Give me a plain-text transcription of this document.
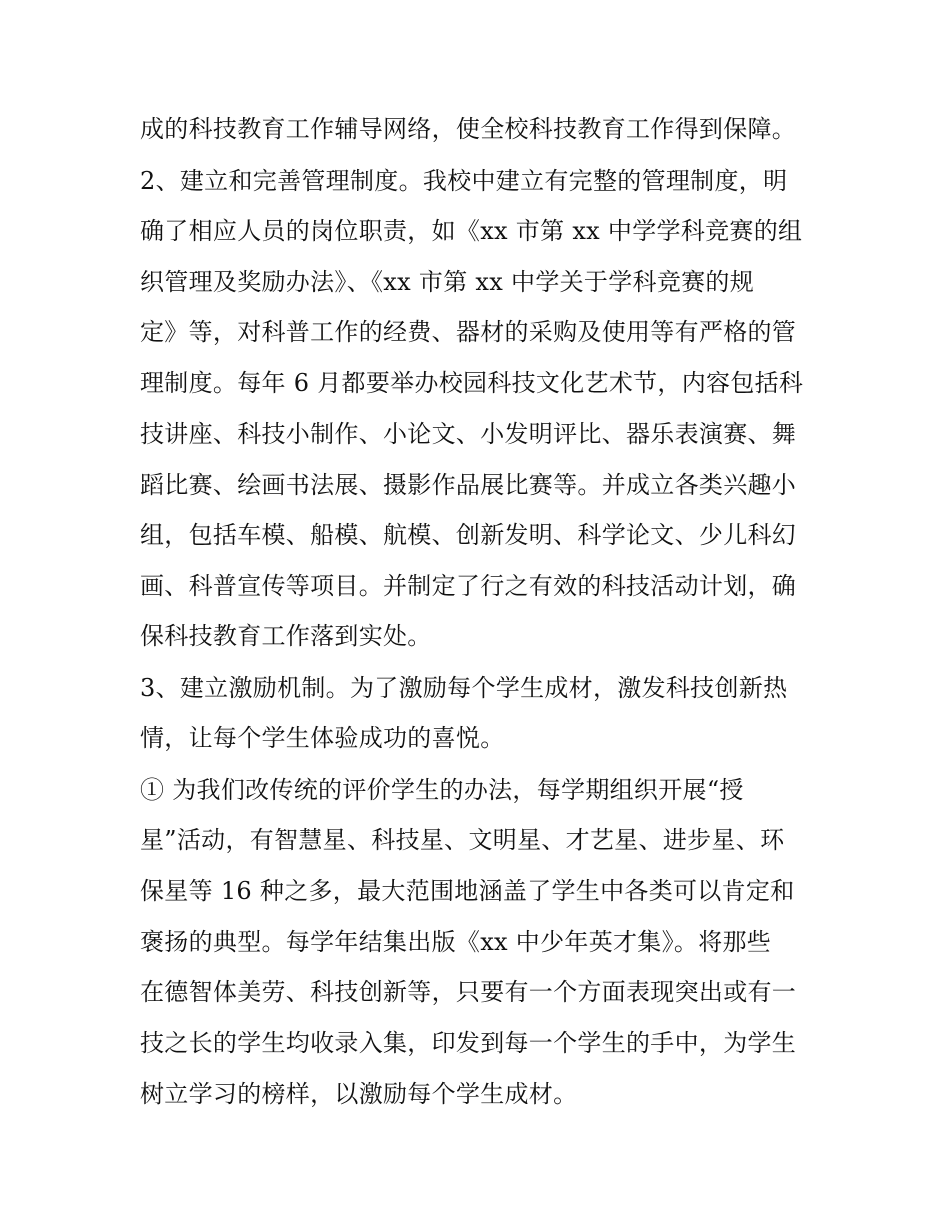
成的科技教育工作辅导网络，使全校科技教育工作得到保障。
2、建立和完善管理制度。我校中建立有完整的管理制度，明
确了相应人员的岗位职责，如《xx 市第 xx 中学学科竞赛的组
织管理及奖励办法》、《xx 市第 xx 中学关于学科竞赛的规
定》等，对科普工作的经费、器材的采购及使用等有严格的管
理制度。每年 6 月都要举办校园科技文化艺术节，内容包括科
技讲座、科技小制作、小论文、小发明评比、器乐表演赛、舞
蹈比赛、绘画书法展、摄影作品展比赛等。并成立各类兴趣小
组，包括车模、船模、航模、创新发明、科学论文、少儿科幻
画、科普宣传等项目。并制定了行之有效的科技活动计划，确
保科技教育工作落到实处。
3、建立激励机制。为了激励每个学生成材，激发科技创新热
情，让每个学生体验成功的喜悦。
① 为我们改传统的评价学生的办法，每学期组织开展“授
星”活动，有智慧星、科技星、文明星、才艺星、进步星、环
保星等 16 种之多，最大范围地涵盖了学生中各类可以肯定和
褒扬的典型。每学年结集出版《xx 中少年英才集》。将那些
在德智体美劳、科技创新等，只要有一个方面表现突出或有一
技之长的学生均收录入集，印发到每一个学生的手中，为学生
树立学习的榜样，以激励每个学生成材。
